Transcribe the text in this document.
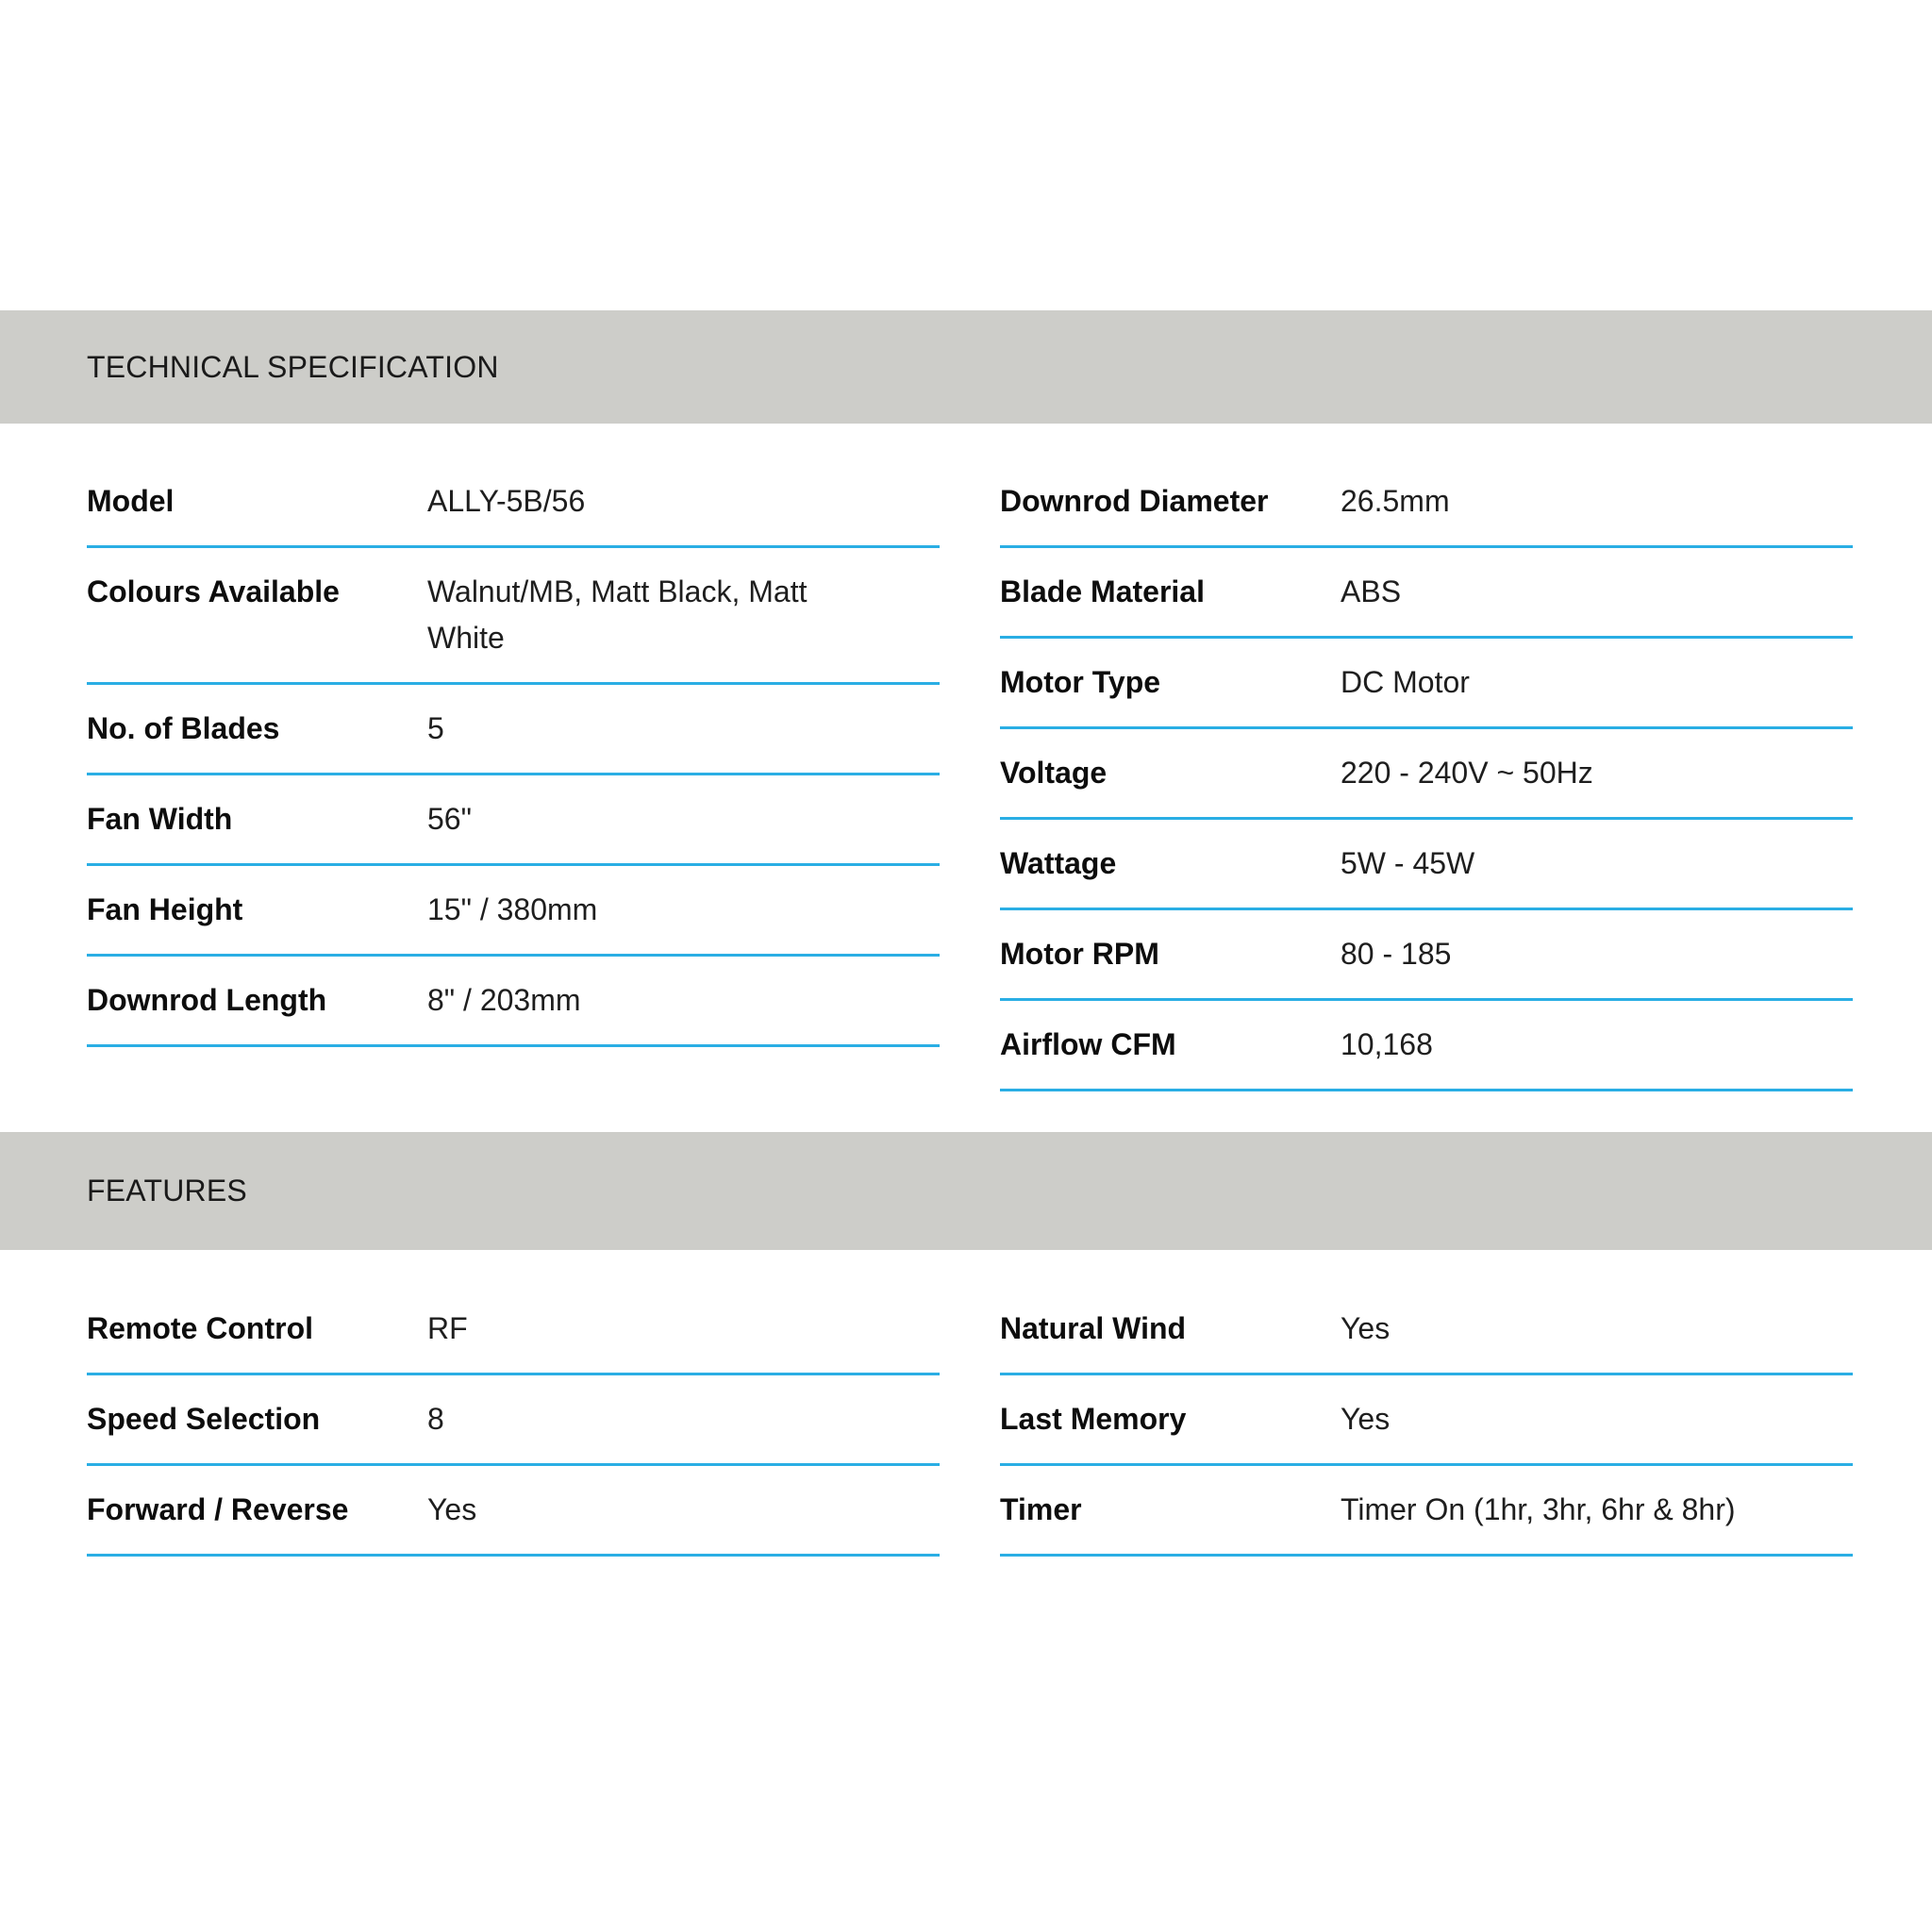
TECHNICAL SPECIFICATION
Model	ALLY-5B/56
Colours Available	Walnut/MB, Matt Black, Matt White
No. of Blades	5
Fan Width	56"
Fan Height	15" / 380mm
Downrod Length	8" / 203mm
Downrod Diameter	26.5mm
Blade Material	ABS
Motor Type	DC Motor
Voltage	220 - 240V ~ 50Hz
Wattage	5W - 45W
Motor RPM	80 - 185
Airflow CFM	10,168
FEATURES
Remote Control	RF
Speed Selection	8
Forward / Reverse	Yes
Natural Wind	Yes
Last Memory	Yes
Timer	Timer On (1hr, 3hr, 6hr & 8hr)
